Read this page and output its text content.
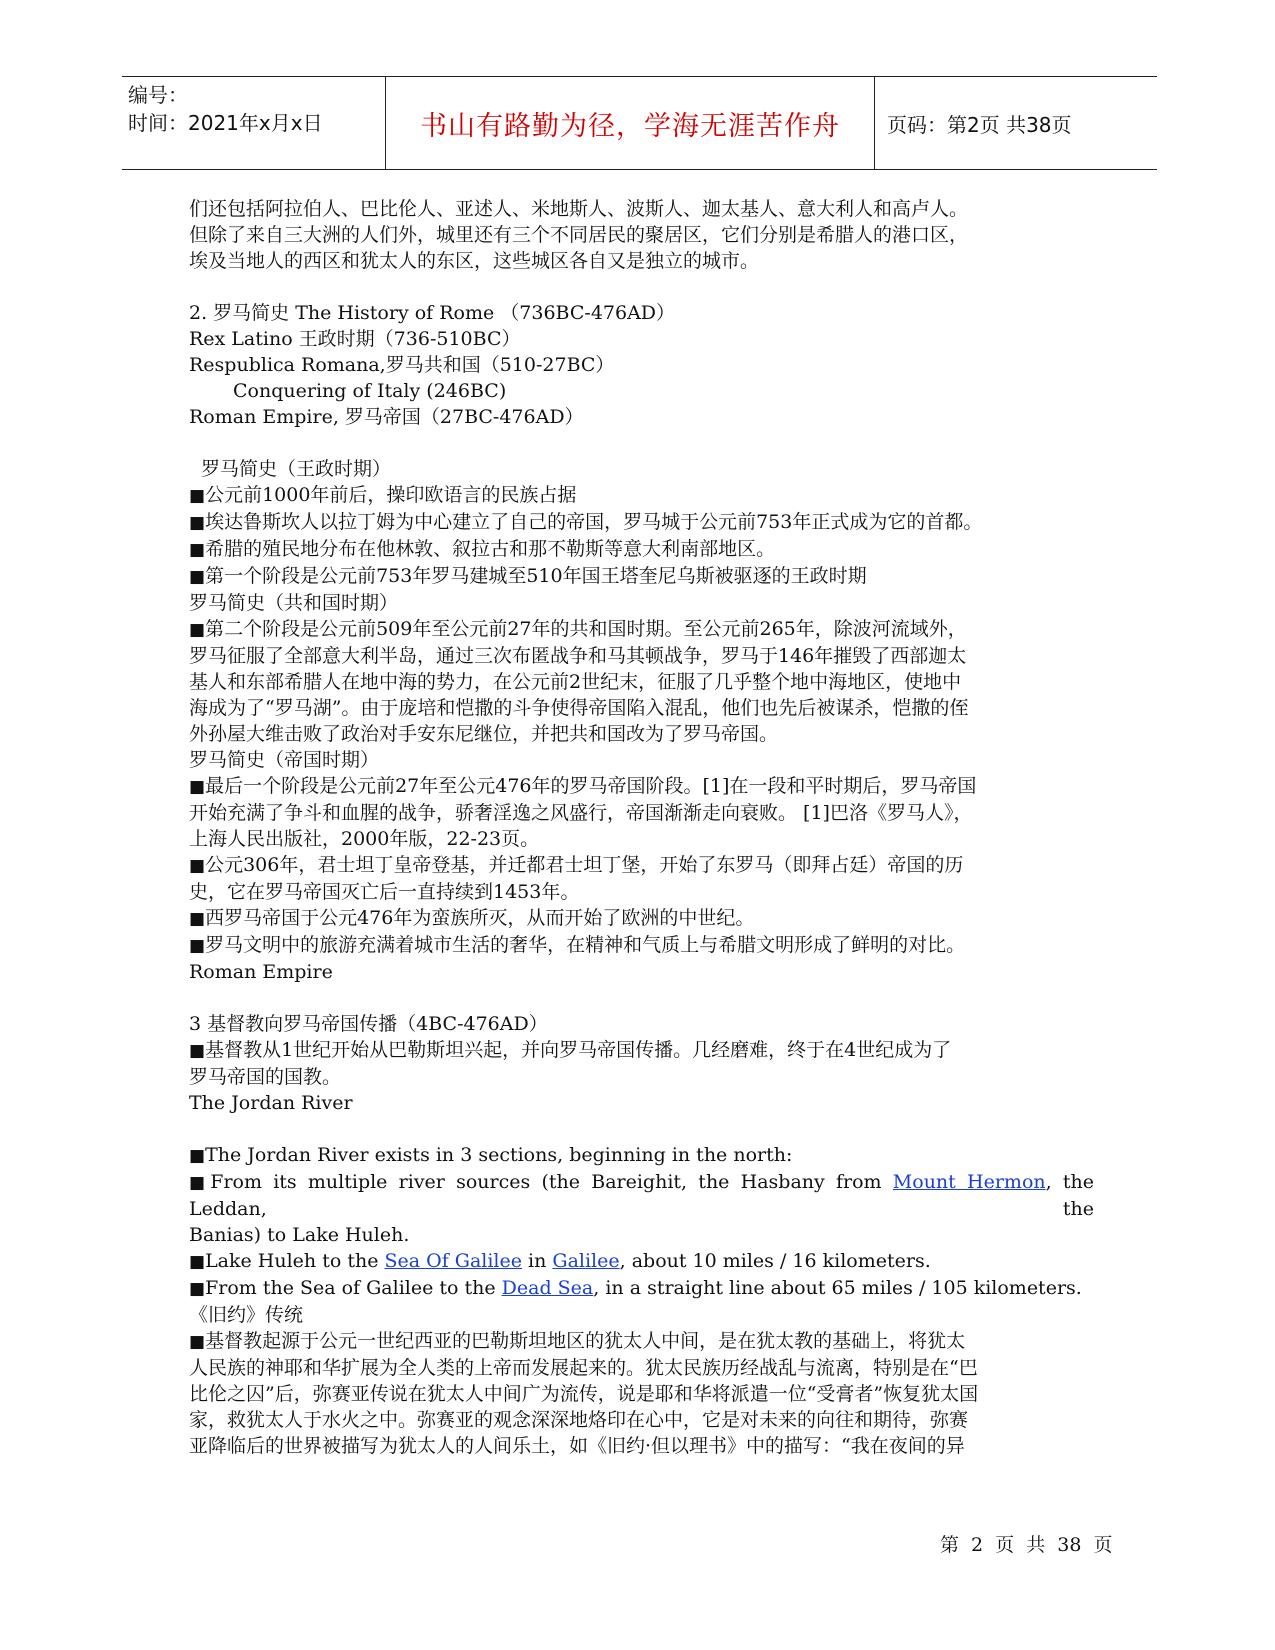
编号：
时间：2021年x月x日	书山有路勤为径，学海无涯苦作舟	页码：第2页 共38页
们还包括阿拉伯人、巴比伦人、亚述人、米地斯人、波斯人、迦太基人、意大利人和高卢人。
但除了来自三大洲的人们外，城里还有三个不同居民的聚居区，它们分别是希腊人的港口区，
埃及当地人的西区和犹太人的东区，这些城区各自又是独立的城市。
2. 罗马简史 The History of Rome （736BC-476AD）
Rex Latino 王政时期（736-510BC）
Respublica Romana,罗马共和国（510-27BC）
Conquering of Italy (246BC)
Roman Empire, 罗马帝国（27BC-476AD）
罗马简史（王政时期）
■公元前1000年前后，操印欧语言的民族占据
■埃达鲁斯坎人以拉丁姆为中心建立了自己的帝国，罗马城于公元前753年正式成为它的首都。
■希腊的殖民地分布在他林敦、叙拉古和那不勒斯等意大利南部地区。
■第一个阶段是公元前753年罗马建城至510年国王塔奎尼乌斯被驱逐的王政时期
罗马简史（共和国时期）
■第二个阶段是公元前509年至公元前27年的共和国时期。至公元前265年，除波河流域外，
罗马征服了全部意大利半岛，通过三次布匿战争和马其顿战争，罗马于146年摧毁了西部迦太
基人和东部希腊人在地中海的势力，在公元前2世纪末，征服了几乎整个地中海地区，使地中
海成为了“罗马湖”。由于庞培和恺撒的斗争使得帝国陷入混乱，他们也先后被谋杀，恺撒的侄
外孙屋大维击败了政治对手安东尼继位，并把共和国改为了罗马帝国。
罗马简史（帝国时期）
■最后一个阶段是公元前27年至公元476年的罗马帝国阶段。[1]在一段和平时期后，罗马帝国
开始充满了争斗和血腥的战争，骄奢淫逸之风盛行，帝国渐渐走向衰败。 [1]巴洛《罗马人》，
上海人民出版社，2000年版，22-23页。
■公元306年，君士坦丁皇帝登基，并迁都君士坦丁堡，开始了东罗马（即拜占廷）帝国的历
史，它在罗马帝国灭亡后一直持续到1453年。
■西罗马帝国于公元476年为蛮族所灭，从而开始了欧洲的中世纪。
■罗马文明中的旅游充满着城市生活的奢华，在精神和气质上与希腊文明形成了鲜明的对比。
Roman Empire
3 基督教向罗马帝国传播（4BC-476AD）
■基督教从1世纪开始从巴勒斯坦兴起，并向罗马帝国传播。几经磨难，终于在4世纪成为了
罗马帝国的国教。
The Jordan River
■The Jordan River exists in 3 sections, beginning in the north:
■From its multiple river sources (the Bareighit, the Hasbany from Mount Hermon, the Leddan, the
Banias) to Lake Huleh.
■Lake Huleh to the Sea Of Galilee in Galilee, about 10 miles / 16 kilometers.
■From the Sea of Galilee to the Dead Sea, in a straight line about 65 miles / 105 kilometers.
《旧约》传统
■基督教起源于公元一世纪西亚的巴勒斯坦地区的犹太人中间，是在犹太教的基础上，将犹太
人民族的神耶和华扩展为全人类的上帝而发展起来的。犹太民族历经战乱与流离，特别是在“巴
比伦之囚”后，弥赛亚传说在犹太人中间广为流传，说是耶和华将派遣一位“受膏者”恢复犹太国
家，救犹太人于水火之中。弥赛亚的观念深深地烙印在心中，它是对未来的向往和期待，弥赛
亚降临后的世界被描写为犹太人的人间乐土，如《旧约·但以理书》中的描写：“我在夜间的异
第 2 页 共 38 页
